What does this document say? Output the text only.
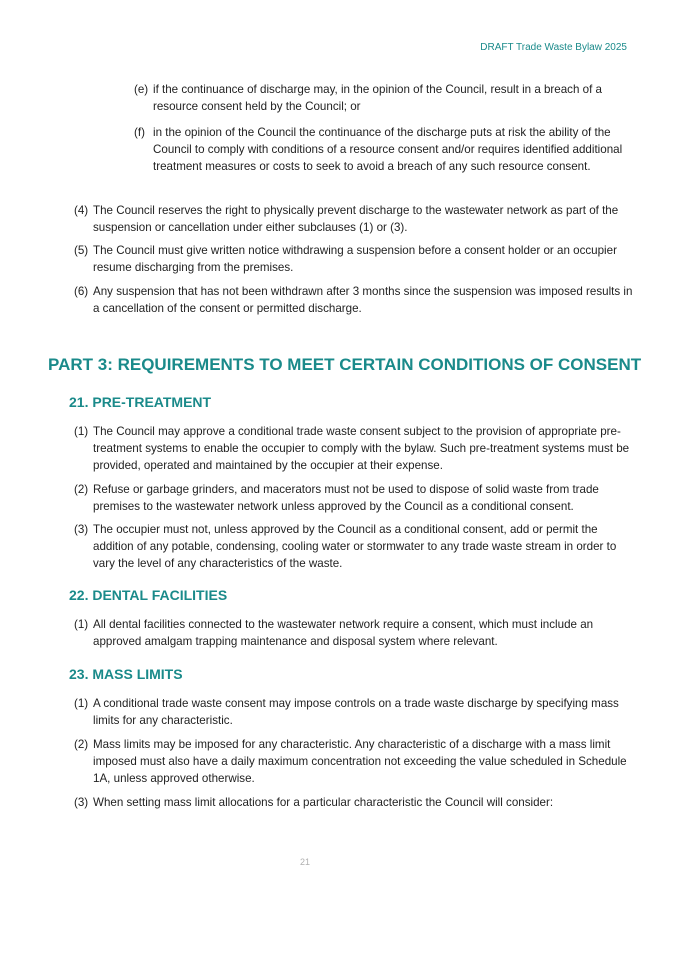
DRAFT Trade Waste Bylaw 2025
(e) if the continuance of discharge may, in the opinion of the Council, result in a breach of a resource consent held by the Council; or
(f) in the opinion of the Council the continuance of the discharge puts at risk the ability of the Council to comply with conditions of a resource consent and/or requires identified additional treatment measures or costs to seek to avoid a breach of any such resource consent.
(4) The Council reserves the right to physically prevent discharge to the wastewater network as part of the suspension or cancellation under either subclauses (1) or (3).
(5) The Council must give written notice withdrawing a suspension before a consent holder or an occupier resume discharging from the premises.
(6) Any suspension that has not been withdrawn after 3 months since the suspension was imposed results in a cancellation of the consent or permitted discharge.
PART 3: REQUIREMENTS TO MEET CERTAIN CONDITIONS OF CONSENT
21. PRE-TREATMENT
(1) The Council may approve a conditional trade waste consent subject to the provision of appropriate pre-treatment systems to enable the occupier to comply with the bylaw. Such pre-treatment systems must be provided, operated and maintained by the occupier at their expense.
(2) Refuse or garbage grinders, and macerators must not be used to dispose of solid waste from trade premises to the wastewater network unless approved by the Council as a conditional consent.
(3) The occupier must not, unless approved by the Council as a conditional consent, add or permit the addition of any potable, condensing, cooling water or stormwater to any trade waste stream in order to vary the level of any characteristics of the waste.
22. DENTAL FACILITIES
(1) All dental facilities connected to the wastewater network require a consent, which must include an approved amalgam trapping maintenance and disposal system where relevant.
23. MASS LIMITS
(1) A conditional trade waste consent may impose controls on a trade waste discharge by specifying mass limits for any characteristic.
(2) Mass limits may be imposed for any characteristic. Any characteristic of a discharge with a mass limit imposed must also have a daily maximum concentration not exceeding the value scheduled in Schedule 1A, unless approved otherwise.
(3) When setting mass limit allocations for a particular characteristic the Council will consider:
21
